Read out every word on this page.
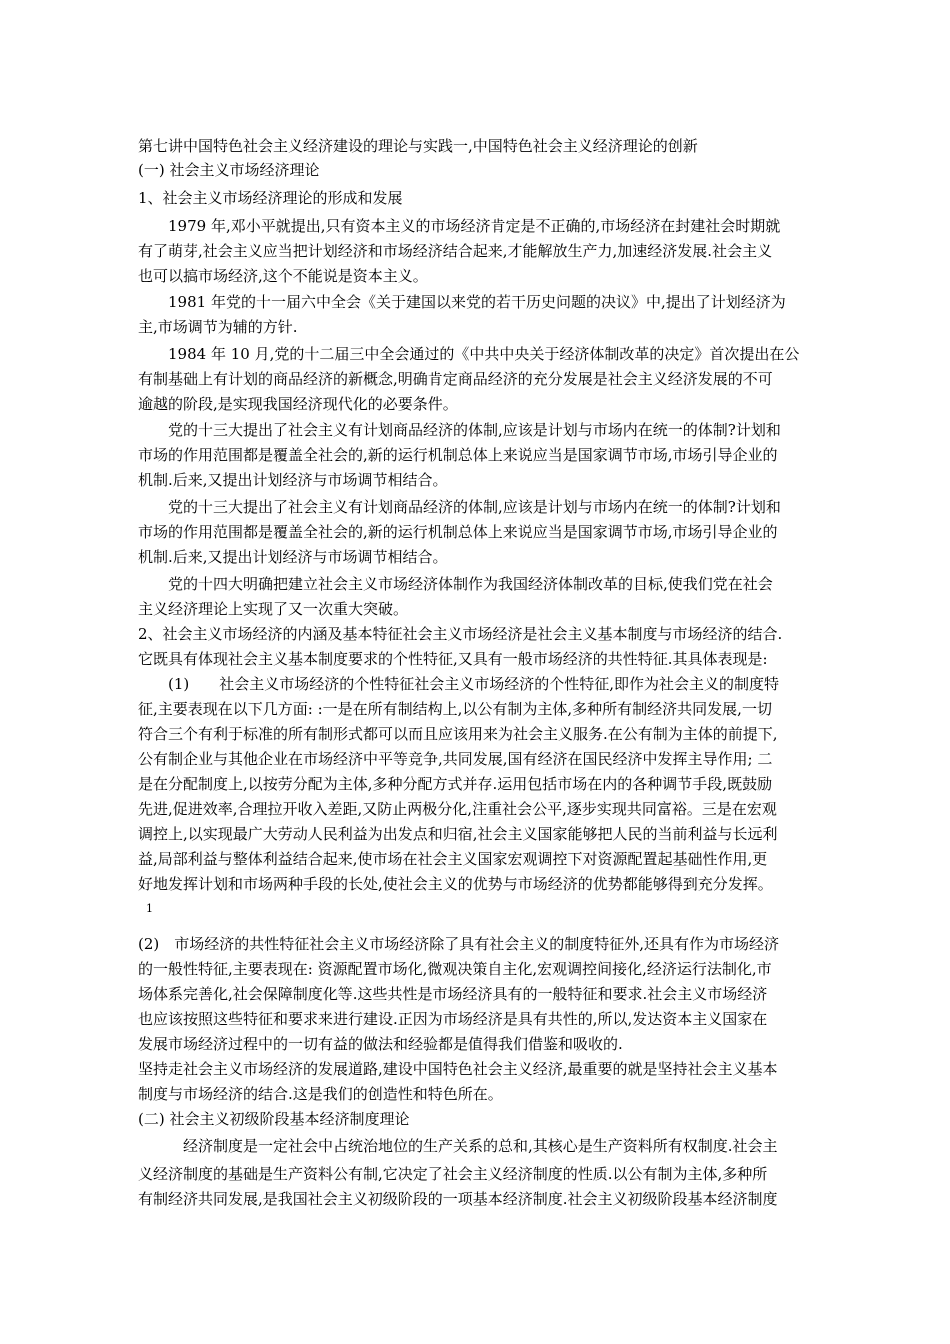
第七讲中国特色社会主义经济建设的理论与实践一,中国特色社会主义经济理论的创新

(一) 社会主义市场经济理论

1、社会主义市场经济理论的形成和发展

　　1979 年,邓小平就提出,只有资本主义的市场经济肯定是不正确的,市场经济在封建社会时期就

有了萌芽,社会主义应当把计划经济和市场经济结合起来,才能解放生产力,加速经济发展.社会主义

也可以搞市场经济,这个不能说是资本主义。

　　1981 年党的十一届六中全会《关于建国以来党的若干历史问题的决议》中,提出了计划经济为

主,市场调节为辅的方针.

　　1984 年 10 月,党的十二届三中全会通过的《中共中央关于经济体制改革的决定》首次提出在公

有制基础上有计划的商品经济的新概念,明确肯定商品经济的充分发展是社会主义经济发展的不可

逾越的阶段,是实现我国经济现代化的必要条件。

　　党的十三大提出了社会主义有计划商品经济的体制,应该是计划与市场内在统一的体制?计划和

市场的作用范围都是覆盖全社会的,新的运行机制总体上来说应当是国家调节市场,市场引导企业的

机制.后来,又提出计划经济与市场调节相结合。

　　党的十三大提出了社会主义有计划商品经济的体制,应该是计划与市场内在统一的体制?计划和

市场的作用范围都是覆盖全社会的,新的运行机制总体上来说应当是国家调节市场,市场引导企业的

机制.后来,又提出计划经济与市场调节相结合。

　　党的十四大明确把建立社会主义市场经济体制作为我国经济体制改革的目标,使我们党在社会

主义经济理论上实现了又一次重大突破。

2、社会主义市场经济的内涵及基本特征社会主义市场经济是社会主义基本制度与市场经济的结合.

它既具有体现社会主义基本制度要求的个性特征,又具有一般市场经济的共性特征.其具体表现是:

　　(1)　　社会主义市场经济的个性特征社会主义市场经济的个性特征,即作为社会主义的制度特

征,主要表现在以下几方面: :一是在所有制结构上,以公有制为主体,多种所有制经济共同发展,一切

符合三个有利于标准的所有制形式都可以而且应该用来为社会主义服务.在公有制为主体的前提下,

公有制企业与其他企业在市场经济中平等竞争,共同发展,国有经济在国民经济中发挥主导作用; 二

是在分配制度上,以按劳分配为主体,多种分配方式并存.运用包括市场在内的各种调节手段,既鼓励

先进,促进效率,合理拉开收入差距,又防止两极分化,注重社会公平,逐步实现共同富裕。三是在宏观

调控上,以实现最广大劳动人民利益为出发点和归宿,社会主义国家能够把人民的当前利益与长远利

益,局部利益与整体利益结合起来,使市场在社会主义国家宏观调控下对资源配置起基础性作用,更

好地发挥计划和市场两种手段的长处,使社会主义的优势与市场经济的优势都能够得到充分发挥。

(2)　市场经济的共性特征社会主义市场经济除了具有社会主义的制度特征外,还具有作为市场经济

的一般性特征,主要表现在: 资源配置市场化,微观决策自主化,宏观调控间接化,经济运行法制化,市

场体系完善化,社会保障制度化等.这些共性是市场经济具有的一般特征和要求.社会主义市场经济

也应该按照这些特征和要求来进行建设.正因为市场经济是具有共性的,所以,发达资本主义国家在

发展市场经济过程中的一切有益的做法和经验都是值得我们借鉴和吸收的.

坚持走社会主义市场经济的发展道路,建设中国特色社会主义经济,最重要的就是坚持社会主义基本

制度与市场经济的结合.这是我们的创造性和特色所在。

(二) 社会主义初级阶段基本经济制度理论

　　　经济制度是一定社会中占统治地位的生产关系的总和,其核心是生产资料所有权制度.社会主

义经济制度的基础是生产资料公有制,它决定了社会主义经济制度的性质.以公有制为主体,多种所

有制经济共同发展,是我国社会主义初级阶段的一项基本经济制度.社会主义初级阶段基本经济制度

1
